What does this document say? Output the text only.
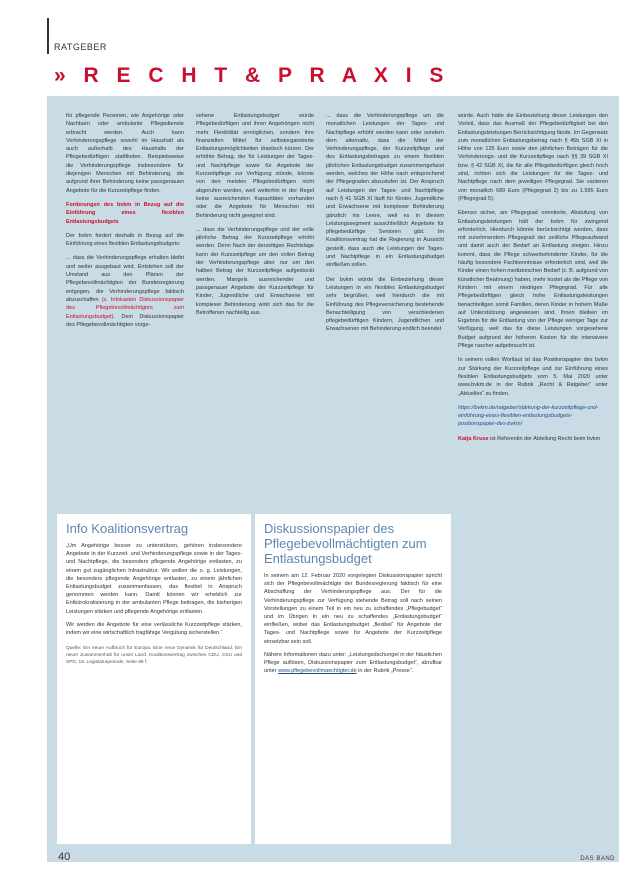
RATGEBER
» R E C H T & P R A X I S

für pflegende Personen, wie Angehörige oder Nachbarn oder ambulante Pflegedienste erbracht werden. Auch kann Verhinderungspflege sowohl im Haushalt als auch außerhalb des Haushalts der Pflegebedürftigen stattfinden. Beispielsweise die Verhinderungspflege insbesondere für diejenigen Menschen mit Behinderung, die aufgrund ihrer Behinderung keine passgenauen Angebote für die Kurzzeitpflege finden.

Forderungen des bvkm in Bezug auf die Einführung eines flexiblen Entlastungsbudgets

Der bvkm fordert deshalb in Bezug auf die Einführung eines flexiblen Entlastungsbudgets:

... dass die Verhinderungspflege erhalten bleibt und weiter ausgebaut wird. Entstehen soll der Umstand aus den Plänen der Pflegebevollmächtigten der Bundesregierung entgegen, die Verhinderungspflege faktisch abzuschaffen (s. Infokasten Diskussionspapier des Pflegebevollmächtigten zum Entlastungsbudget). Dem Diskussionspapier des Pflegebevollmächtigten vorge-

sehene Entlastungsbudget würde Pflegebedürftigen und ihren Angehörigen nicht mehr Flexibilität ermöglichen, sondern ihre finanziellen Mittel für selbstorganisierte Entlastungsmöglichkeiten drastisch kürzen. Der erhöhte Betrag, der für Leistungen der Tages- und Nachtpflege sowie für Angebote der Kurzzeitpflege zur Verfügung stünde, könnte von den meisten Pflegebedürftigen nicht abgerufen werden, weil weiterhin in der Regel keine ausreichenden Kapazitäten vorhanden oder die Angebote für Menschen mit Behinderung nicht geeignet sind.

... dass die Verhinderungspflege und der volle jährliche Betrag der Kurzzeitpflege erhöht werden. Denn Nach der derzeitigen Rechtslage kann der Kurzzeitpflege um den vollen Betrag der Verhinderungspflege aber nur um den halben Betrag der Kurzzeitpflege aufgestockt werden. Mangels ausreichender und passgenauer Angebote der Kurzzeitpflege für Kinder, Jugendliche und Erwachsene mit komplexer Behinderung wirkt sich das für die Betroffenen nachteilig aus.

... dass die Verhinderungspflege um die monatlichen Leistungen der Tages- und Nachtpflege erhöht werden kann oder sondern dem alternativ, dass die Mittel der Verhinderungspflege, der Kurzzeitpflege und des Entlastungsbetrages zu einem flexiblen jährlichen Entlastungsbudget zusammengefasst werden, welches der Höhe nach entsprechend der Pflegegraden abzustufen ist. Der Anspruch auf Leistungen der Tages- und Nachtpflege nach § 41 SGB XI läuft für Kinder, Jugendliche und Erwachsene mit komplexer Behinderung gänzlich ins Leere, weil es in diesem Leistungssegment ausschließlich Angebote für pflegebedürftige Senioren gibt. Im Koalitionsvertrag hat die Regierung in Aussicht gestellt, dass auch die Leistungen der Tages- und Nachtpflege in ein Entlastungsbudget einfließen sollen.

Der bvkm würde die Einbeziehung dieser Leistungen in ein flexibles Entlastungsbudget sehr begrüßen, weil hierdurch die mit Einführung des Pflegeversicherung bestehende Benachteiligung von verschiedenen pflegebedürftigen Kindern, Jugendlichen und Erwachsenen mit Behinderung endlich beendet

würde. Auch hätte die Einbeziehung dieser Leistungen den Vorteil, dass das Ausmaß der Pflegebedürftigkeit bei den Entlastungsleistungen Berücksichtigung fände. Im Gegensatz zum monatlichen Entlastungsbetrag nach § 45b SGB XI in Höhe von 125 Euro sowie den jährlichen Beträgen für die Verhinderungs- und die Kurzzeitpflege nach §§ 39 SGB XI bzw. § 42 SGB XI, die für alle Pflegebedürftigen gleich hoch sind, richten sich die Leistungen für die Tages- und Nachtpflege nach dem jeweiligen Pflegegrad. Sie variieren von monatlich 689 Euro (Pflegegrad 2) bis zu 1.995 Euro (Pflegegrad 5).

Ebenso sicher, am Pflegegrad orientierte, Abstufung von Entlastungsleistungen hält der bvkm für zwingend erforderlich. Hierdurch könnte berücksichtigt werden, dass mit zunehmendem Pflegegrad der zeitliche Pflegeaufwand und damit auch der Bedarf an Entlastung steigen. Hinzu kommt, dass die Pflege schwerbehinderter Kinder, für die häufig besondere Fachkenntnisse erforderlich sind, weil die Kinder einen hohen medizinischen Bedarf (z. B. aufgrund von künstlicher Beatmung) haben, mehr kostet als die Pflege von Kindern mit einem niedrigen Pflegegrad. Für alle Pflegebedürftigen gleich hohe Entlastungsleistungen benachteiligen somit Familien, deren Kinder in hohem Maße auf Unterstützung angewiesen sind. Ihnen bleiben im Ergebnis für die Entlastung von der Pflege weniger Tage zur Verfügung, weil das für diese Leistungen vorgesehene Budget aufgrund der höheren Kosten für die intensivere Pflege rascher aufgebraucht ist.

In seinem vollen Wortlaut ist das Positionspapier des bvkm zur Stärkung der Kurzzeitpflege und zur Einführung eines flexiblen Entlastungsbudgets vom 5. Mai 2020 unter www.bvkm.de in der Rubrik „Recht & Ratgeber“ unter „Aktuelles“ zu finden.

https://bvkm.de/ratgeber/stärkung-der-kurzzeitpflege-und-einführung-eines-flexiblen-entlastungsbudgets-positionspapier-des-bvkm/

Katja Kruse ist Referentin der Abteilung Recht beim bvkm

Info Koalitionsvertrag

„Um Angehörige besser zu unterstützen, gehören insbesondere Angebote in der Kurzzeit- und Verhinderungspflege sowie in der Tages- und Nachtpflege, die besonders pflegende Angehörige entlasten, zu einem gut zugänglichen Infrastruktur. Wir wollen die o. g. Leistungen, die besonders pflegende Angehörige entlasten, zu einem jährlichen Entlastungsbudget zusammenfassen, das flexibel in Anspruch genommen werden kann. Damit können wir erheblich zur Entbürokratisierung in der ambulanten Pflege beitragen, die bisherigen Leistungen stärken und pflegende Angehörige entlasten.

Wir werden die Angebote für eine verlässliche Kurzzeitpflege stärken, indem wir eine wirtschaftlich tragfähige Vergütung sicherstellen.“

Quelle: Ein neuer Aufbruch für Europa. Eine neue Dynamik für Deutschland. Ein neuer Zusammenhalt für unser Land. Koalitionsvertrag zwischen CDU, CSU und SPD, 19. Legislaturperiode, Seite 96 f.

Diskussionspapier des Pflegebevollmächtigten zum Entlastungsbudget

In seinem am 12. Februar 2020 vorgelegten Diskussionspapier spricht sich der Pflegebevollmächtigte der Bundesregierung faktisch für eine Abschaffung der Verhinderungspflege aus. Der für die Verhinderungspflege zur Verfügung stehende Betrag soll nach seinen Vorstellungen zu einem Teil in ein neu zu schaffendes „Pflegebudget“ und im Übrigen in ein neu zu schaffendes „Entlastungsbudget“ einfließen, wobei das Entlastungsbudget „flexibel“ für Angebote der Tages- und Nachtpflege sowie für Angebote der Kurzzeitpflege einsetzbar sein soll.

Nähere Informationen dazu unter: „Leistungsdschungel in der häuslichen Pflege auflösen, Diskussionspapier zum Entlastungsbudget“, abrufbar unter www.pflegebevollmaechtigter.de in der Rubrik „Presse“.

40	DAS BAND
